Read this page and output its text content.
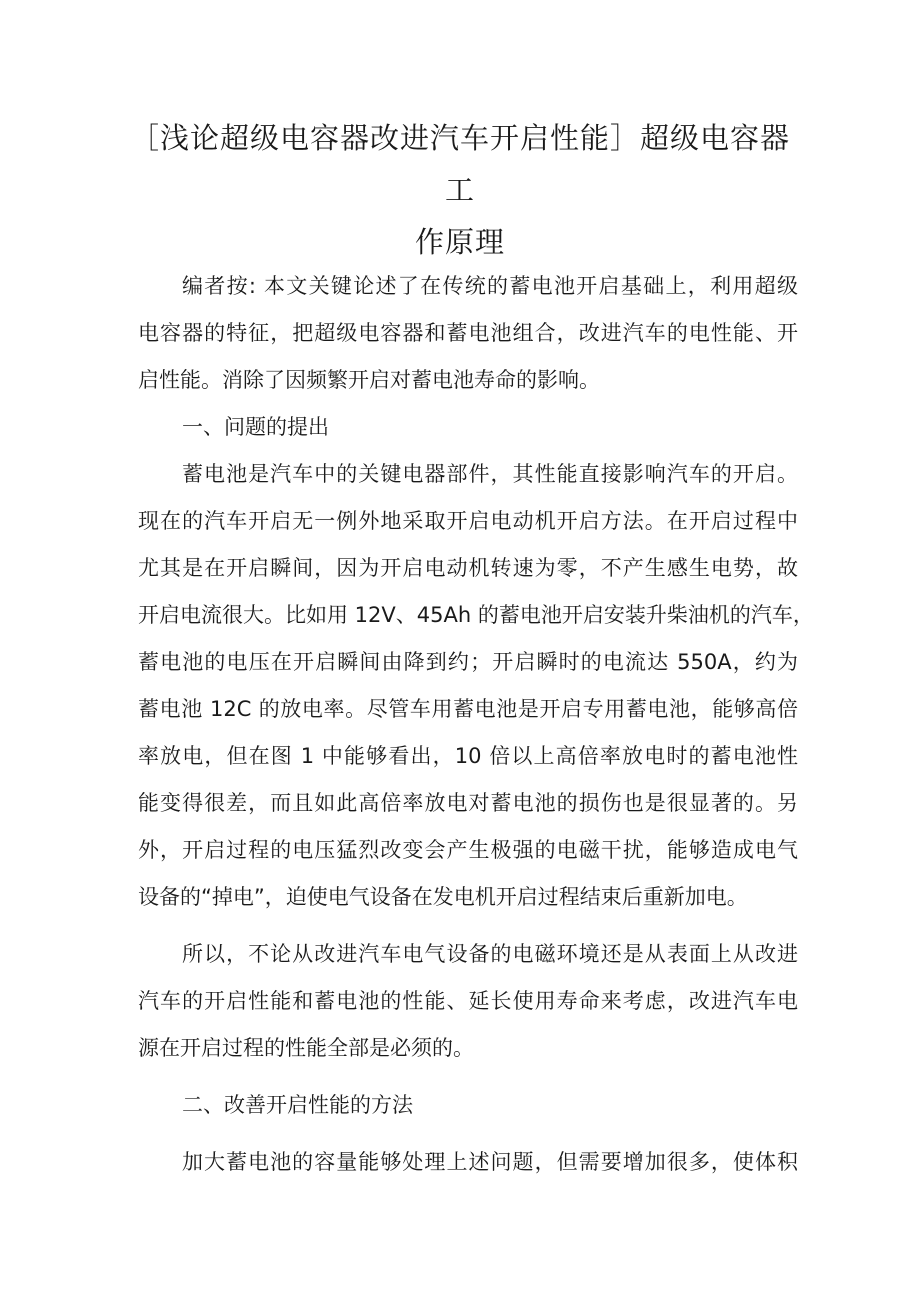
［浅论超级电容器改进汽车开启性能］超级电容器工
作原理
编者按: 本文关键论述了在传统的蓄电池开启基础上，利用超级
电容器的特征，把超级电容器和蓄电池组合，改进汽车的电性能、开
启性能。消除了因频繁开启对蓄电池寿命的影响。
一、问题的提出
蓄电池是汽车中的关键电器部件，其性能直接影响汽车的开启。
现在的汽车开启无一例外地采取开启电动机开启方法。在开启过程中
尤其是在开启瞬间，因为开启电动机转速为零，不产生感生电势，故
开启电流很大。比如用 12V、45Ah 的蓄电池开启安装升柴油机的汽车，
蓄电池的电压在开启瞬间由降到约；开启瞬时的电流达 550A，约为
蓄电池 12C 的放电率。尽管车用蓄电池是开启专用蓄电池，能够高倍
率放电，但在图 1 中能够看出，10 倍以上高倍率放电时的蓄电池性
能变得很差，而且如此高倍率放电对蓄电池的损伤也是很显著的。另
外，开启过程的电压猛烈改变会产生极强的电磁干扰，能够造成电气
设备的“掉电”，迫使电气设备在发电机开启过程结束后重新加电。
所以，不论从改进汽车电气设备的电磁环境还是从表面上从改进
汽车的开启性能和蓄电池的性能、延长使用寿命来考虑，改进汽车电
源在开启过程的性能全部是必须的。
二、改善开启性能的方法
加大蓄电池的容量能够处理上述问题，但需要增加很多，使体积
